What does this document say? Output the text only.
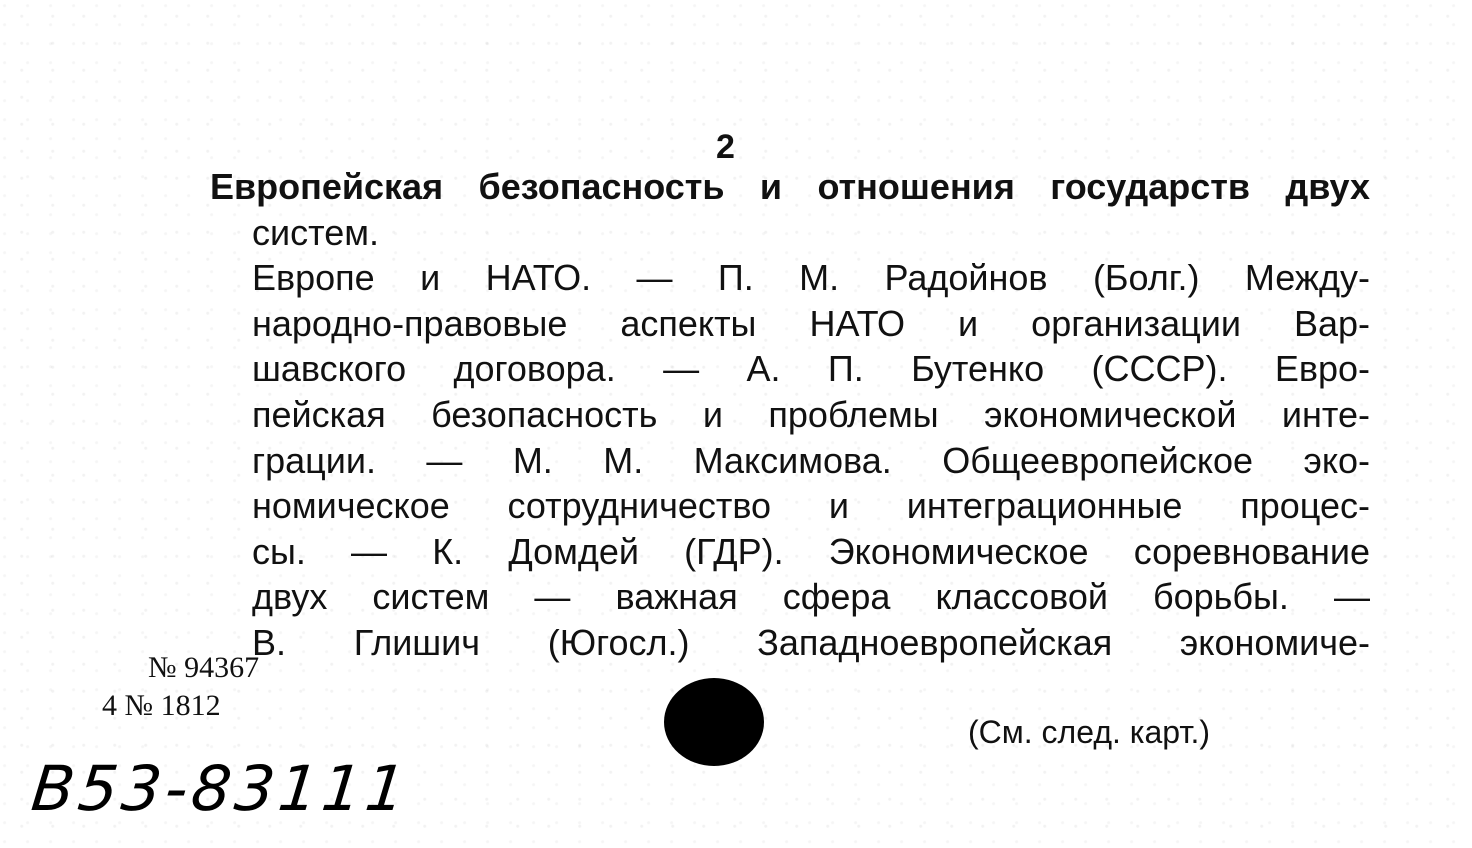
2
Европейская безопасность и отношения государств двух
систем.
Европе и НАТО. — П. М. Радойнов (Болг.) Между-
народно-правовые аспекты НАТО и организации Вар-
шавского договора. — А. П. Бутенко (СССР). Евро-
пейская безопасность и проблемы экономической инте-
грации. — М. М. Максимова. Общеевропейское эко-
номическое сотрудничество и интеграционные процес-
сы. — К. Домдей (ГДР). Экономическое соревнование
двух систем — важная сфера классовой борьбы. —
В. Глишич (Югосл.) Западноевропейская экономиче-
№ 94367
4 № 1812
B53-83111
(См. след. карт.)
